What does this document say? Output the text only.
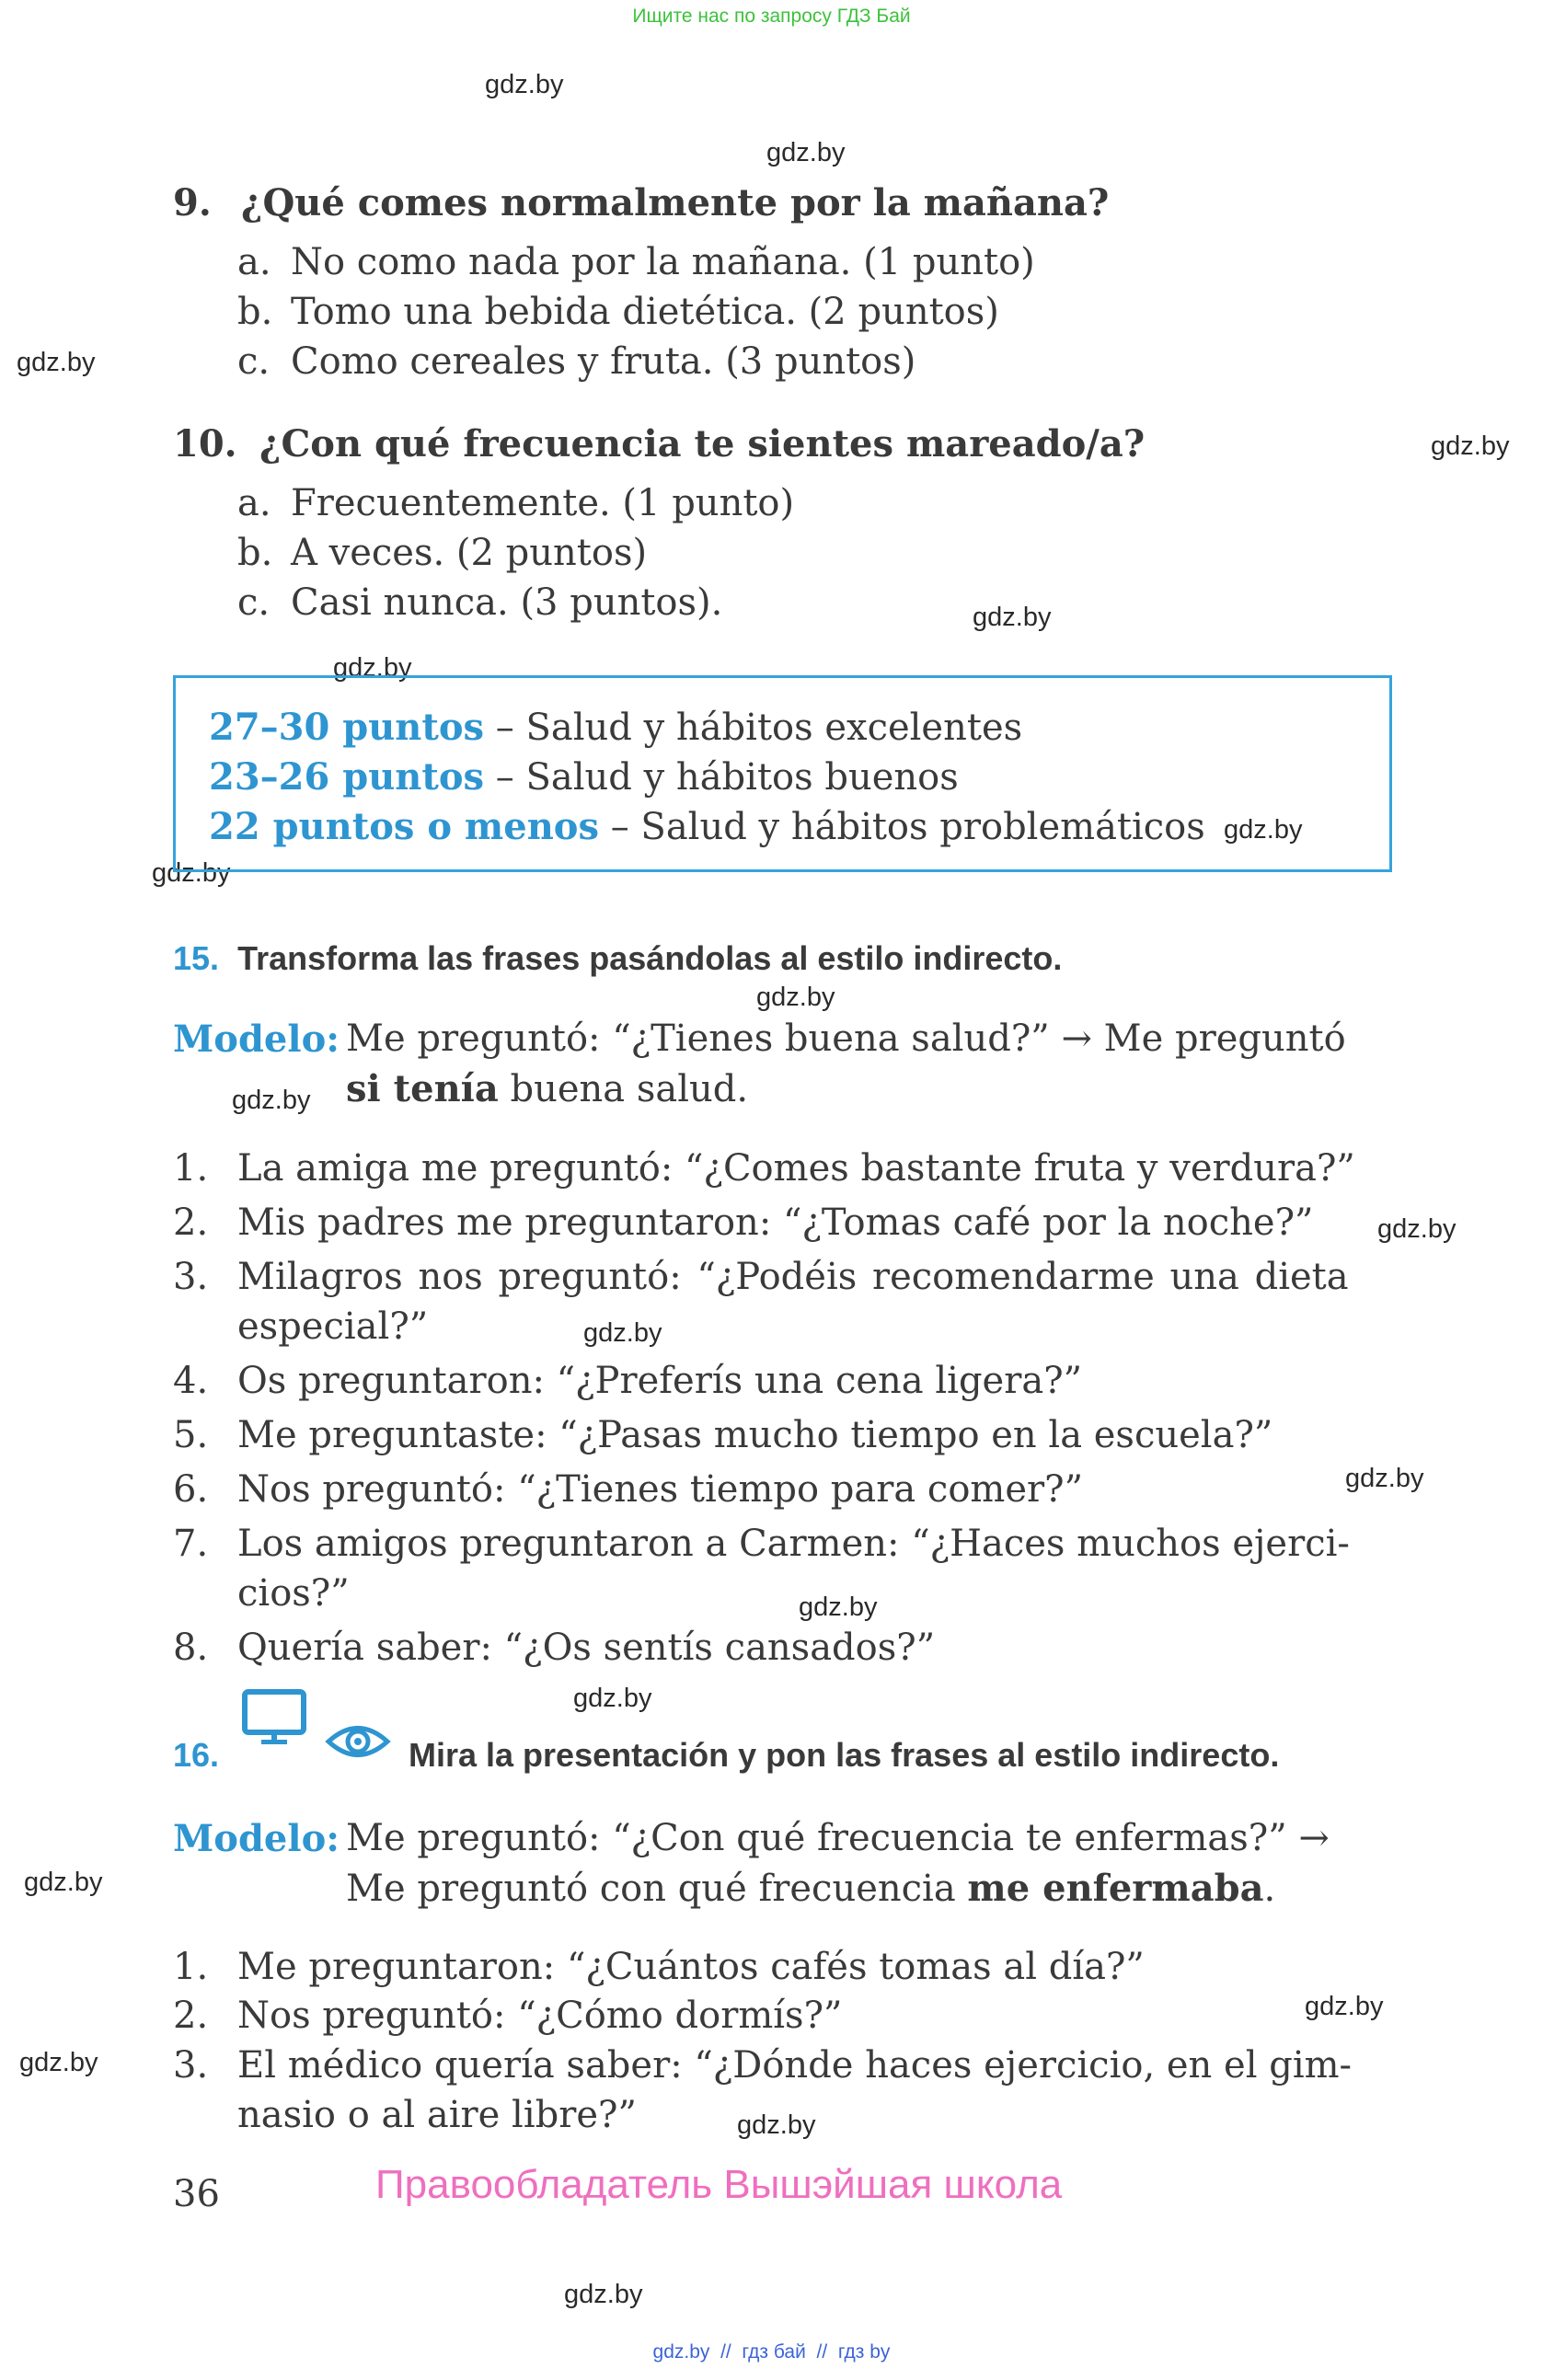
Ищите нас по запросу ГДЗ Бай
gdz.by
gdz.by
gdz.by
gdz.by
gdz.by
gdz.by
gdz.by
gdz.by
gdz.by
gdz.by
gdz.by
gdz.by
gdz.by
gdz.by
gdz.by
gdz.by
gdz.by
gdz.by
gdz.by
gdz.by
9. ¿Qué comes normalmente por la mañana?
a. No como nada por la mañana. (1 punto)
b. Tomo una bebida dietética. (2 puntos)
c. Como cereales y fruta. (3 puntos)
10. ¿Con qué frecuencia te sientes mareado/a?
a. Frecuentemente. (1 punto)
b. A veces. (2 puntos)
c. Casi nunca. (3 puntos).
27–30 puntos – Salud y hábitos excelentes
23–26 puntos – Salud y hábitos buenos
22 puntos o menos – Salud y hábitos problemáticos
15. Transforma las frases pasándolas al estilo indirecto.
Modelo: Me preguntó: “¿Tienes buena salud?” → Me preguntó
si tenía buena salud.
1. La amiga me preguntó: “¿Comes bastante fruta y verdura?”
2. Mis padres me preguntaron: “¿Tomas café por la noche?”
3. Milagros nos preguntó: “¿Podéis recomendarme una dieta
especial?”
4. Os preguntaron: “¿Preferís una cena ligera?”
5. Me preguntaste: “¿Pasas mucho tiempo en la escuela?”
6. Nos preguntó: “¿Tienes tiempo para comer?”
7. Los amigos preguntaron a Carmen: “¿Haces muchos ejerci-
cios?”
8. Quería saber: “¿Os sentís cansados?”
16.	Mira la presentación y pon las frases al estilo indirecto.
Modelo: Me preguntó: “¿Con qué frecuencia te enfermas?” →
Me preguntó con qué frecuencia me enfermaba.
1. Me preguntaron: “¿Cuántos cafés tomas al día?”
2. Nos preguntó: “¿Cómo dormís?”
3. El médico quería saber: “¿Dónde haces ejercicio, en el gim-
nasio o al aire libre?”
36	Правообладатель Вышэйшая школа
gdz.by  //  гдз бай  //  гдз by
